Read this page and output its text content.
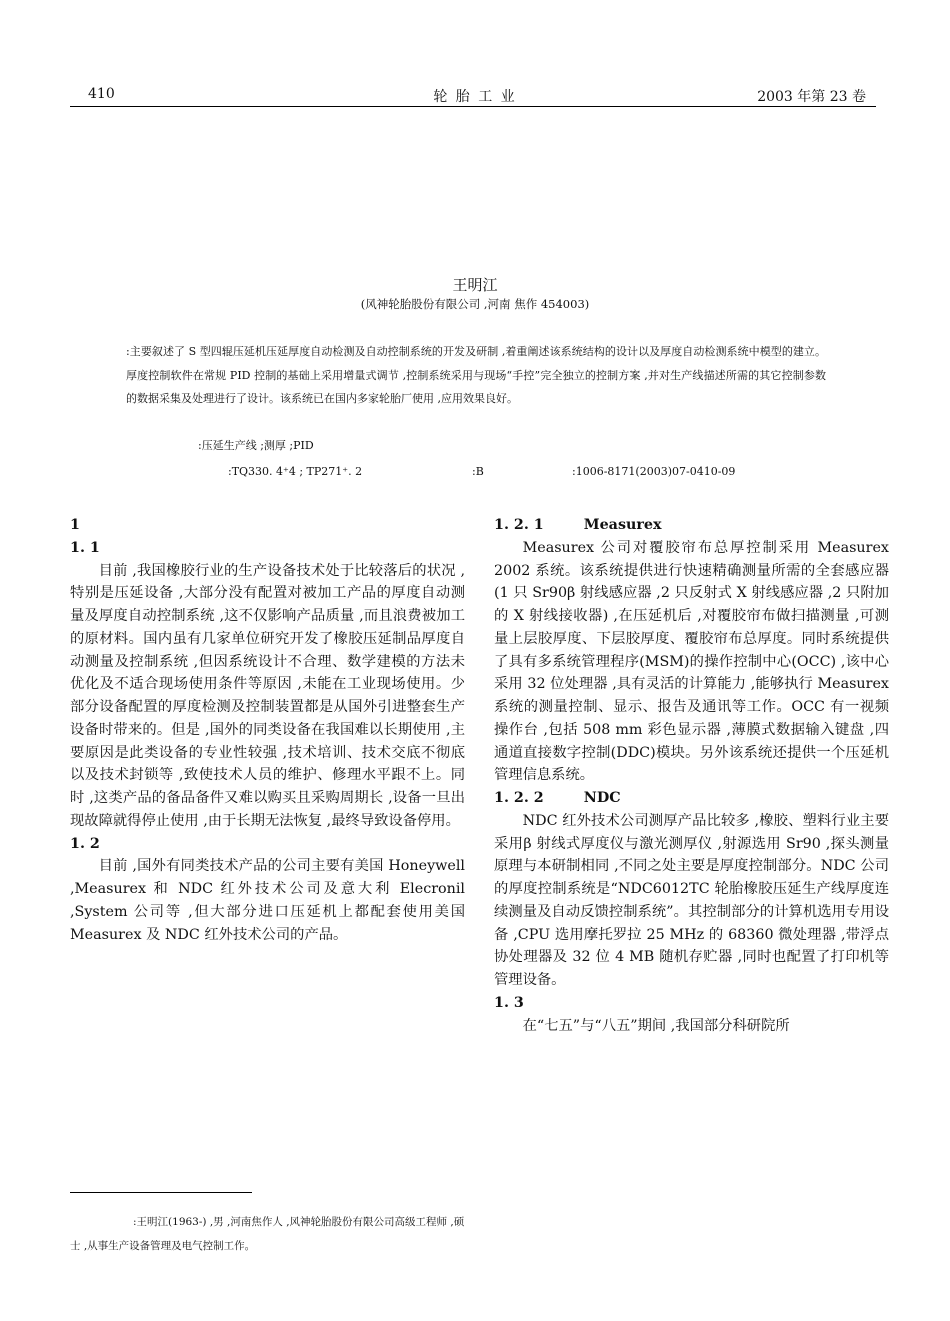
410	轮 胎 工 业	2003 年第 23 卷
王明江
(风神轮胎股份有限公司 ,河南 焦作 454003)
:主要叙述了 S 型四辊压延机压延厚度自动检测及自动控制系统的开发及研制 ,着重阐述该系统结构的设计以及厚度自动检测系统中模型的建立。厚度控制软件在常规 PID 控制的基础上采用增量式调节 ,控制系统采用与现场“手控”完全独立的控制方案 ,并对生产线描述所需的其它控制参数的数据采集及处理进行了设计。该系统已在国内多家轮胎厂使用 ,应用效果良好。
:压延生产线 ;测厚 ;PID
:TQ330. 4⁺4 ; TP271⁺. 2	:B	:1006-8171(2003)07-0410-09

1

1. 1

目前 ,我国橡胶行业的生产设备技术处于比较落后的状况 ,特别是压延设备 ,大部分没有配置对被加工产品的厚度自动测量及厚度自动控制系统 ,这不仅影响产品质量 ,而且浪费被加工的原材料。国内虽有几家单位研究开发了橡胶压延制品厚度自动测量及控制系统 ,但因系统设计不合理、数学建模的方法未优化及不适合现场使用条件等原因 ,未能在工业现场使用。少部分设备配置的厚度检测及控制装置都是从国外引进整套生产设备时带来的。但是 ,国外的同类设备在我国难以长期使用 ,主要原因是此类设备的专业性较强 ,技术培训、技术交底不彻底以及技术封锁等 ,致使技术人员的维护、修理水平跟不上。同时 ,这类产品的备品备件又难以购买且采购周期长 ,设备一旦出现故障就得停止使用 ,由于长期无法恢复 ,最终导致设备停用。

1. 2

目前 ,国外有同类技术产品的公司主要有美国 Honeywell ,Measurex 和 NDC 红外技术公司及意大利 Elecronil ,System 公司等 ,但大部分进口压延机上都配套使用美国 Measurex 及 NDC 红外技术公司的产品。

:王明江(1963-) ,男 ,河南焦作人 ,风神轮胎股份有限公司高级工程师 ,硕士 ,从事生产设备管理及电气控制工作。

1. 2. 1	Measurex

Measurex 公司对覆胶帘布总厚控制采用 Measurex 2002 系统。该系统提供进行快速精确测量所需的全套感应器(1 只 Sr90β 射线感应器 ,2 只反射式 X 射线感应器 ,2 只附加的 X 射线接收器) ,在压延机后 ,对覆胶帘布做扫描测量 ,可测量上层胶厚度、下层胶厚度、覆胶帘布总厚度。同时系统提供了具有多系统管理程序(MSM)的操作控制中心(OCC) ,该中心采用 32 位处理器 ,具有灵活的计算能力 ,能够执行 Measurex 系统的测量控制、显示、报告及通讯等工作。OCC 有一视频操作台 ,包括 508 mm 彩色显示器 ,薄膜式数据输入键盘 ,四通道直接数字控制(DDC)模块。另外该系统还提供一个压延机管理信息系统。

1. 2. 2	NDC

NDC 红外技术公司测厚产品比较多 ,橡胶、塑料行业主要采用β 射线式厚度仪与激光测厚仪 ,射源选用 Sr90 ,探头测量原理与本研制相同 ,不同之处主要是厚度控制部分。NDC 公司的厚度控制系统是“NDC6012TC 轮胎橡胶压延生产线厚度连续测量及自动反馈控制系统”。其控制部分的计算机选用专用设备 ,CPU 选用摩托罗拉 25 MHz 的 68360 微处理器 ,带浮点协处理器及 32 位 4 MB 随机存贮器 ,同时也配置了打印机等管理设备。

1. 3

在“七五”与“八五”期间 ,我国部分科研院所
